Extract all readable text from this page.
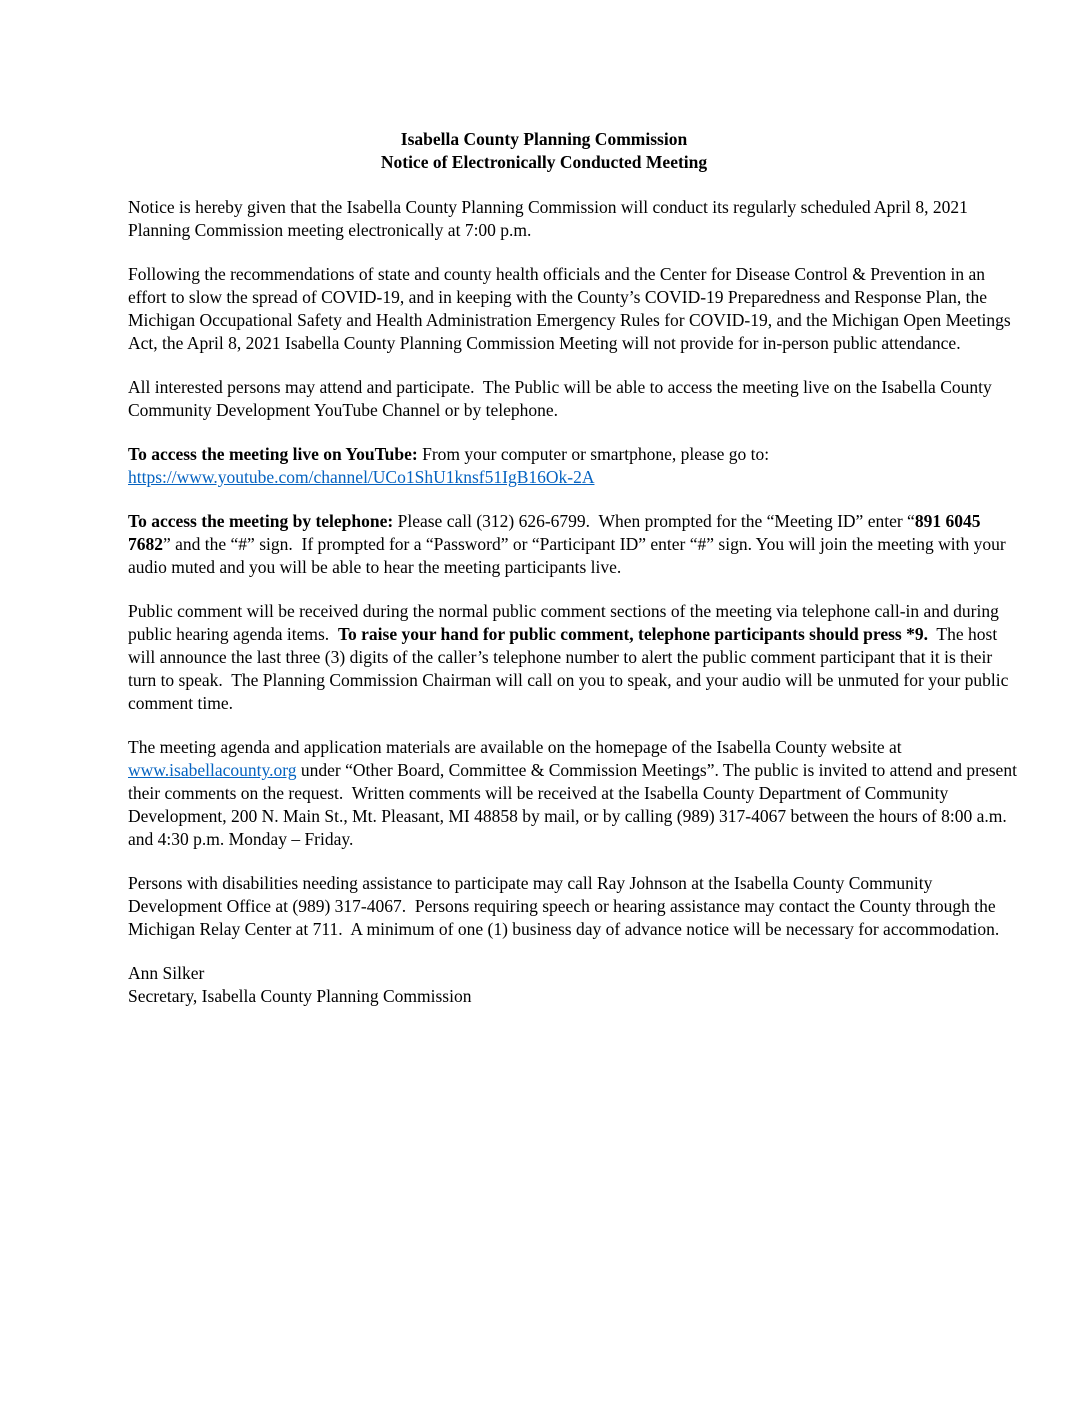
Isabella County Planning Commission
Notice of Electronically Conducted Meeting

Notice is hereby given that the Isabella County Planning Commission will conduct its regularly scheduled April 8, 2021 Planning Commission meeting electronically at 7:00 p.m.

Following the recommendations of state and county health officials and the Center for Disease Control & Prevention in an effort to slow the spread of COVID-19, and in keeping with the County’s COVID-19 Preparedness and Response Plan, the Michigan Occupational Safety and Health Administration Emergency Rules for COVID-19, and the Michigan Open Meetings Act, the April 8, 2021 Isabella County Planning Commission Meeting will not provide for in-person public attendance.

All interested persons may attend and participate.  The Public will be able to access the meeting live on the Isabella County Community Development YouTube Channel or by telephone.

To access the meeting live on YouTube: From your computer or smartphone, please go to:
https://www.youtube.com/channel/UCo1ShU1knsf51IgB16Ok-2A

To access the meeting by telephone: Please call (312) 626-6799.  When prompted for the “Meeting ID” enter “891 6045 7682” and the “#” sign.  If prompted for a “Password” or “Participant ID” enter “#” sign. You will join the meeting with your audio muted and you will be able to hear the meeting participants live.

Public comment will be received during the normal public comment sections of the meeting via telephone call-in and during public hearing agenda items.  To raise your hand for public comment, telephone participants should press *9.  The host will announce the last three (3) digits of the caller’s telephone number to alert the public comment participant that it is their turn to speak.  The Planning Commission Chairman will call on you to speak, and your audio will be unmuted for your public comment time.

The meeting agenda and application materials are available on the homepage of the Isabella County website at www.isabellacounty.org under “Other Board, Committee & Commission Meetings”. The public is invited to attend and present their comments on the request.  Written comments will be received at the Isabella County Department of Community Development, 200 N. Main St., Mt. Pleasant, MI 48858 by mail, or by calling (989) 317-4067 between the hours of 8:00 a.m. and 4:30 p.m. Monday – Friday.

Persons with disabilities needing assistance to participate may call Ray Johnson at the Isabella County Community Development Office at (989) 317-4067.  Persons requiring speech or hearing assistance may contact the County through the Michigan Relay Center at 711.  A minimum of one (1) business day of advance notice will be necessary for accommodation.

Ann Silker
Secretary, Isabella County Planning Commission
